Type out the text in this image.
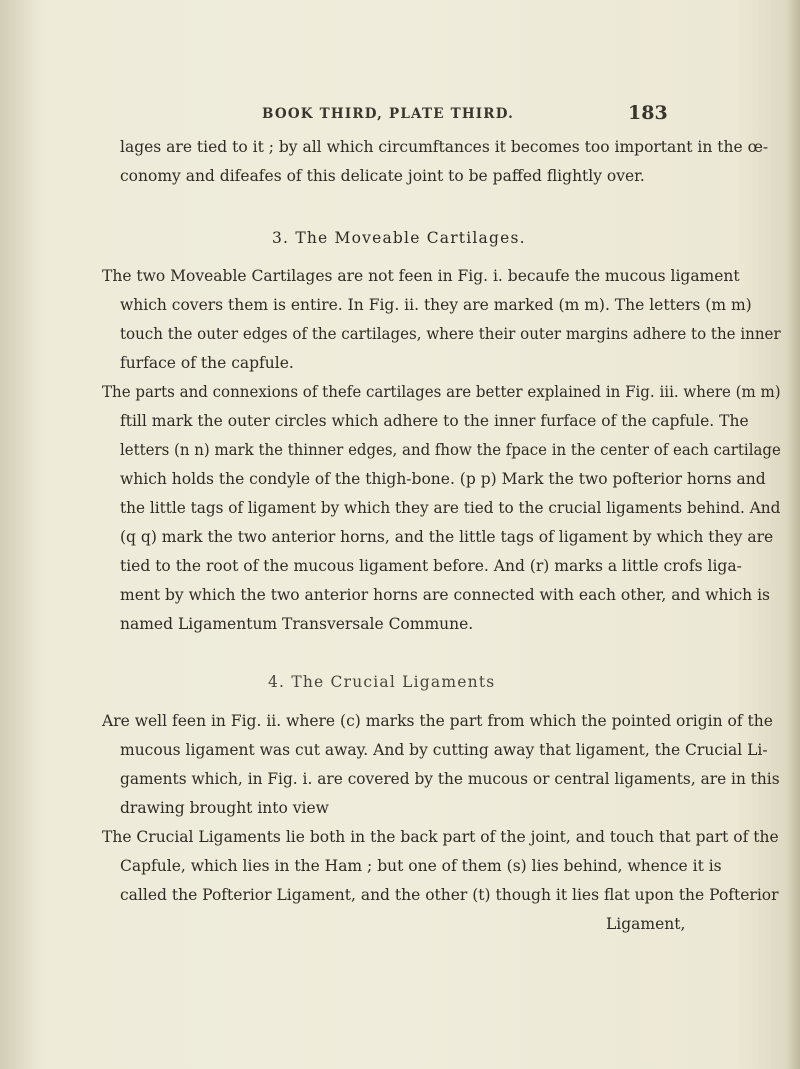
BOOK THIRD, PLATE THIRD.	183
lages are tied to it ; by all which circumftances it becomes too important in the œ-
conomy and difeafes of this delicate joint to be paffed flightly over.
3. The Moveable Cartilages.
The two Moveable Cartilages are not feen in Fig. i. becaufe the mucous ligament
which covers them is entire. In Fig. ii. they are marked (m m). The letters (m m)
touch the outer edges of the cartilages, where their outer margins adhere to the inner
furface of the capfule.
The parts and connexions of thefe cartilages are better explained in Fig. iii. where (m m)
ftill mark the outer circles which adhere to the inner furface of the capfule. The
letters (n n) mark the thinner edges, and fhow the fpace in the center of each cartilage
which holds the condyle of the thigh-bone. (p p) Mark the two pofterior horns and
the little tags of ligament by which they are tied to the crucial ligaments behind. And
(q q) mark the two anterior horns, and the little tags of ligament by which they are
tied to the root of the mucous ligament before. And (r) marks a little crofs liga-
ment by which the two anterior horns are connected with each other, and which is
named Ligamentum Transversale Commune.
4. The Crucial Ligaments
Are well feen in Fig. ii. where (c) marks the part from which the pointed origin of the
mucous ligament was cut away. And by cutting away that ligament, the Crucial Li-
gaments which, in Fig. i. are covered by the mucous or central ligaments, are in this
drawing brought into view
The Crucial Ligaments lie both in the back part of the joint, and touch that part of the
Capfule, which lies in the Ham ; but one of them (s) lies behind, whence it is
called the Pofterior Ligament, and the other (t) though it lies flat upon the Pofterior
Ligament,
